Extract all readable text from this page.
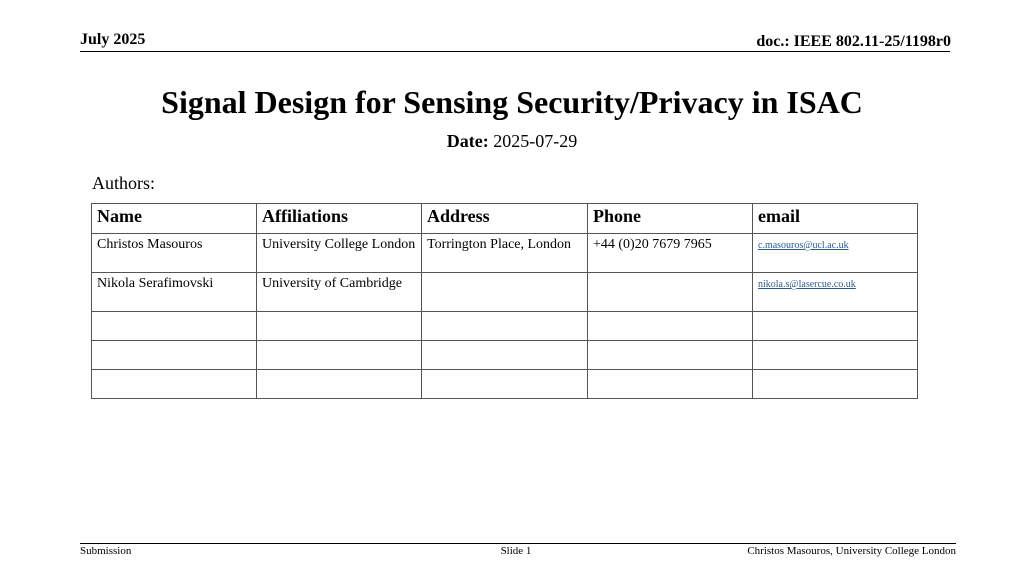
July 2025	doc.: IEEE 802.11-25/1198r0
Signal Design for Sensing Security/Privacy in ISAC
Date: 2025-07-29
Authors:
Name	Affiliations	Address	Phone	email
Christos Masouros	University College London	Torrington Place, London	+44 (0)20 7679 7965	c.masouros@ucl.ac.uk
Nikola Serafimovski	University of Cambridge			nikola.s@lasercue.co.uk

Submission	Slide 1	Christos Masouros, University College London
